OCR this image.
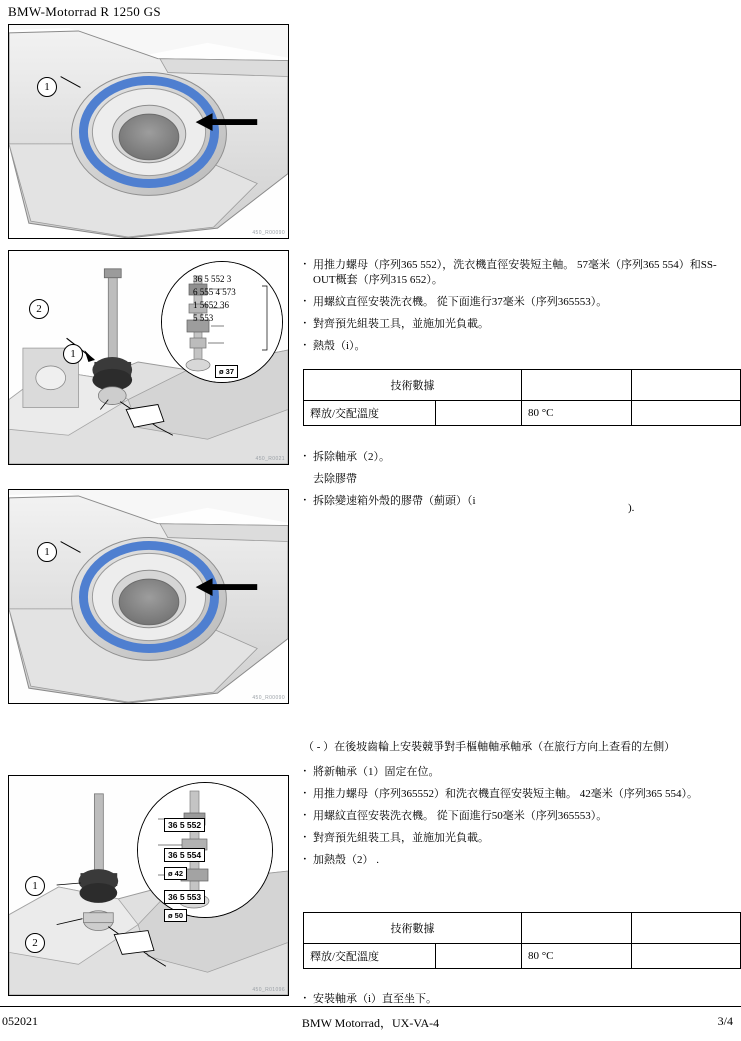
BMW-Motorrad R 1250 GS
1
450_R00090
36 5 552 3
6 555 4 573
1 5652 36
5 553
ø 37
2
1
450_R0021
1
450_R00090
36 5 552
36 5 554
ø 42
36 5 553
ø 50
1
2
450_R01096
· 用推力螺母（序列365 552），洗衣機直徑安裝短主軸。 57毫米（序列365 554）和SS-OUT概套（序列315 652）。
· 用螺紋直徑安裝洗衣機。 從下面進行37毫米（序列365553）。
· 對齊預先組裝工具，並施加光負載。
· 熱殼（i）。
技術數據			
釋放/交配溫度		80 °C	
· 拆除軸承（2）。
去除膠帶
· 拆除變速箱外殼的膠帶（薊頭）（i
).
（ - ）在後坡齒輪上安裝競爭對手樞軸軸承軸承（在旅行方向上查看的左側）
· 將新軸承（1）固定在位。
· 用推力螺母（序列365552）和洗衣機直徑安裝短主軸。 42毫米（序列365 554）。
· 用螺紋直徑安裝洗衣機。 從下面進行50毫米（序列365553）。
· 對齊預先組裝工具，並施加光負載。
· 加熱殼（2） .
技術數據			
釋放/交配溫度		80 °C	
· 安裝軸承（i）直至坐下。
052021	BMW Motorrad，UX-VA-4	3/4
